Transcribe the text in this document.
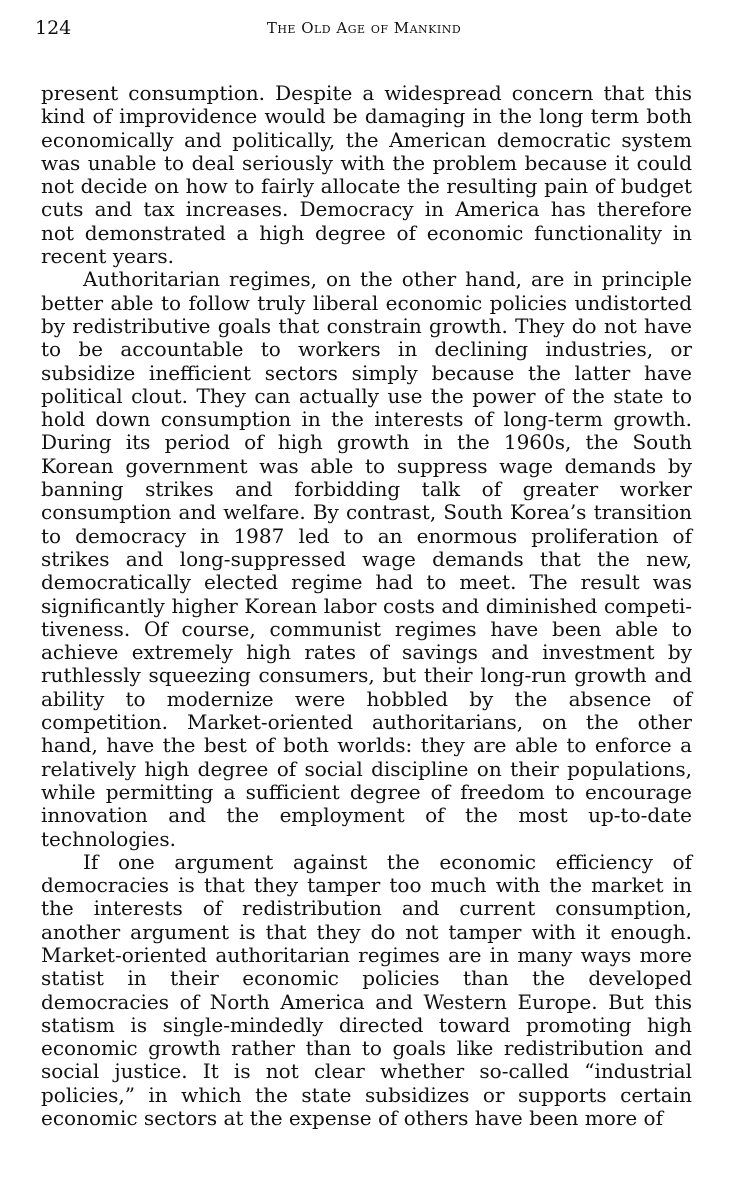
124	The Old Age of Mankind

present consumption. Despite a widespread concern that this kind of improvidence would be damaging in the long term both economically and politically, the American democratic system was unable to deal seriously with the problem because it could not decide on how to fairly allocate the resulting pain of budget cuts and tax increases. Democracy in America has therefore not demonstrated a high degree of economic functionality in recent years.

Authoritarian regimes, on the other hand, are in principle better able to follow truly liberal economic policies undistorted by redistributive goals that constrain growth. They do not have to be accountable to workers in declining industries, or subsidize inefficient sectors simply because the latter have political clout. They can actually use the power of the state to hold down consumption in the interests of long-term growth. During its period of high growth in the 1960s, the South Korean government was able to suppress wage demands by banning strikes and forbidding talk of greater worker consumption and welfare. By contrast, South Korea’s transition to democracy in 1987 led to an enormous proliferation of strikes and long-suppressed wage demands that the new, democratically elected regime had to meet. The result was significantly higher Korean labor costs and diminished competitiveness. Of course, communist regimes have been able to achieve extremely high rates of savings and investment by ruthlessly squeezing consumers, but their long-run growth and ability to modernize were hobbled by the absence of competition. Market-oriented authoritarians, on the other hand, have the best of both worlds: they are able to enforce a relatively high degree of social discipline on their populations, while permitting a sufficient degree of freedom to encourage innovation and the employment of the most up-to-date technologies.

If one argument against the economic efficiency of democracies is that they tamper too much with the market in the interests of redistribution and current consumption, another argument is that they do not tamper with it enough. Market-oriented authoritarian regimes are in many ways more statist in their economic policies than the developed democracies of North America and Western Europe. But this statism is single-mindedly directed toward promoting high economic growth rather than to goals like redistribution and social justice. It is not clear whether so-called “industrial policies,” in which the state subsidizes or supports certain economic sectors at the expense of others have been more of
